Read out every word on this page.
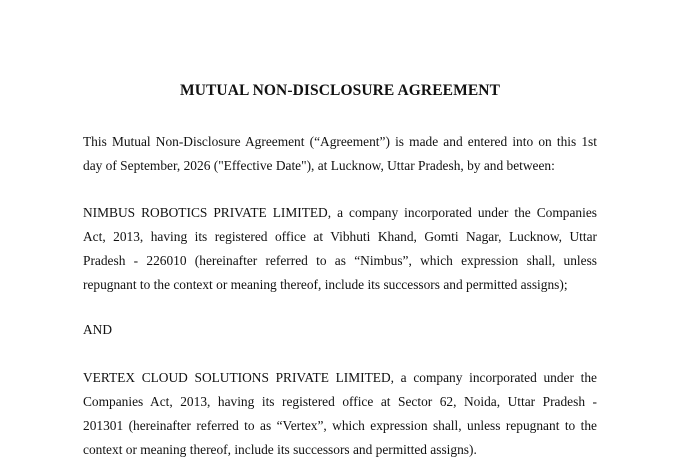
MUTUAL NON-DISCLOSURE AGREEMENT
This Mutual Non-Disclosure Agreement (“Agreement”) is made and entered into on this 1st
day of September, 2026 ("Effective Date"), at Lucknow, Uttar Pradesh, by and between:
NIMBUS ROBOTICS PRIVATE LIMITED, a company incorporated under the Companies
Act, 2013, having its registered office at Vibhuti Khand, Gomti Nagar, Lucknow, Uttar
Pradesh - 226010 (hereinafter referred to as “Nimbus”, which expression shall, unless
repugnant to the context or meaning thereof, include its successors and permitted assigns);
AND
VERTEX CLOUD SOLUTIONS PRIVATE LIMITED, a company incorporated under the
Companies Act, 2013, having its registered office at Sector 62, Noida, Uttar Pradesh -
201301 (hereinafter referred to as “Vertex”, which expression shall, unless repugnant to the
context or meaning thereof, include its successors and permitted assigns).
